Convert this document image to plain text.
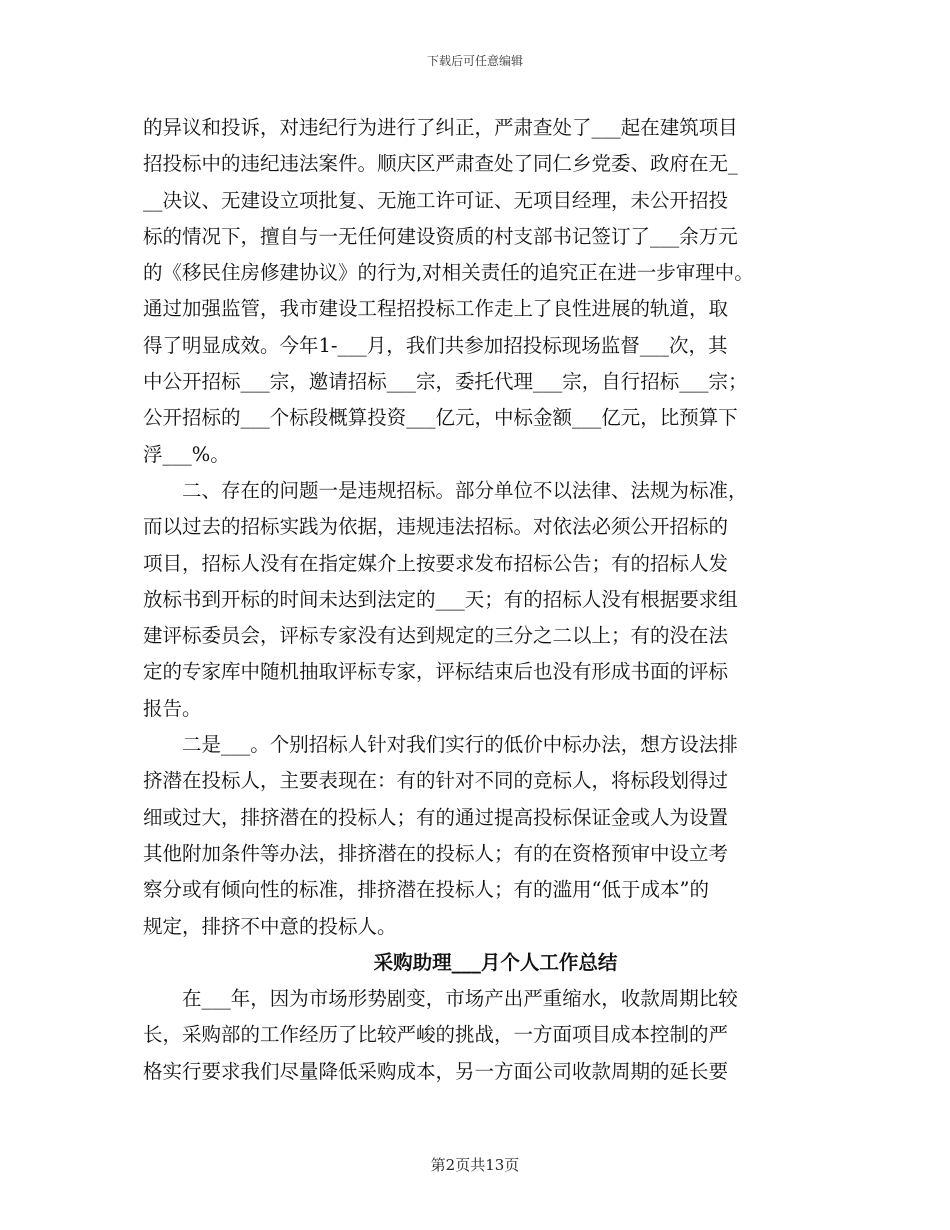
下载后可任意编辑
的异议和投诉，对违纪行为进行了纠正，严肃查处了___起在建筑项目
招投标中的违纪违法案件。顺庆区严肃查处了同仁乡党委、政府在无_
__决议、无建设立项批复、无施工许可证、无项目经理，未公开招投
标的情况下，擅自与一无任何建设资质的村支部书记签订了___余万元
的《移民住房修建协议》的行为,对相关责任的追究正在进一步审理中。
通过加强监管，我市建设工程招投标工作走上了良性进展的轨道，取
得了明显成效。今年1-___月，我们共参加招投标现场监督___次，其
中公开招标___宗，邀请招标___宗，委托代理___宗，自行招标___宗；
公开招标的___个标段概算投资___亿元，中标金额___亿元，比预算下
浮___%。
　　二、存在的问题一是违规招标。部分单位不以法律、法规为标准，
而以过去的招标实践为依据，违规违法招标。对依法必须公开招标的
项目，招标人没有在指定媒介上按要求发布招标公告；有的招标人发
放标书到开标的时间未达到法定的___天；有的招标人没有根据要求组
建评标委员会，评标专家没有达到规定的三分之二以上；有的没在法
定的专家库中随机抽取评标专家，评标结束后也没有形成书面的评标
报告。
　　二是___。个别招标人针对我们实行的低价中标办法，想方设法排
挤潜在投标人，主要表现在：有的针对不同的竞标人，将标段划得过
细或过大，排挤潜在的投标人；有的通过提高投标保证金或人为设置
其他附加条件等办法，排挤潜在的投标人；有的在资格预审中设立考
察分或有倾向性的标准，排挤潜在投标人；有的滥用“低于成本”的
规定，排挤不中意的投标人。
采购助理___月个人工作总结
　　在___年，因为市场形势剧变，市场产出严重缩水，收款周期比较
长，采购部的工作经历了比较严峻的挑战，一方面项目成本控制的严
格实行要求我们尽量降低采购成本，另一方面公司收款周期的延长要
第2页共13页
